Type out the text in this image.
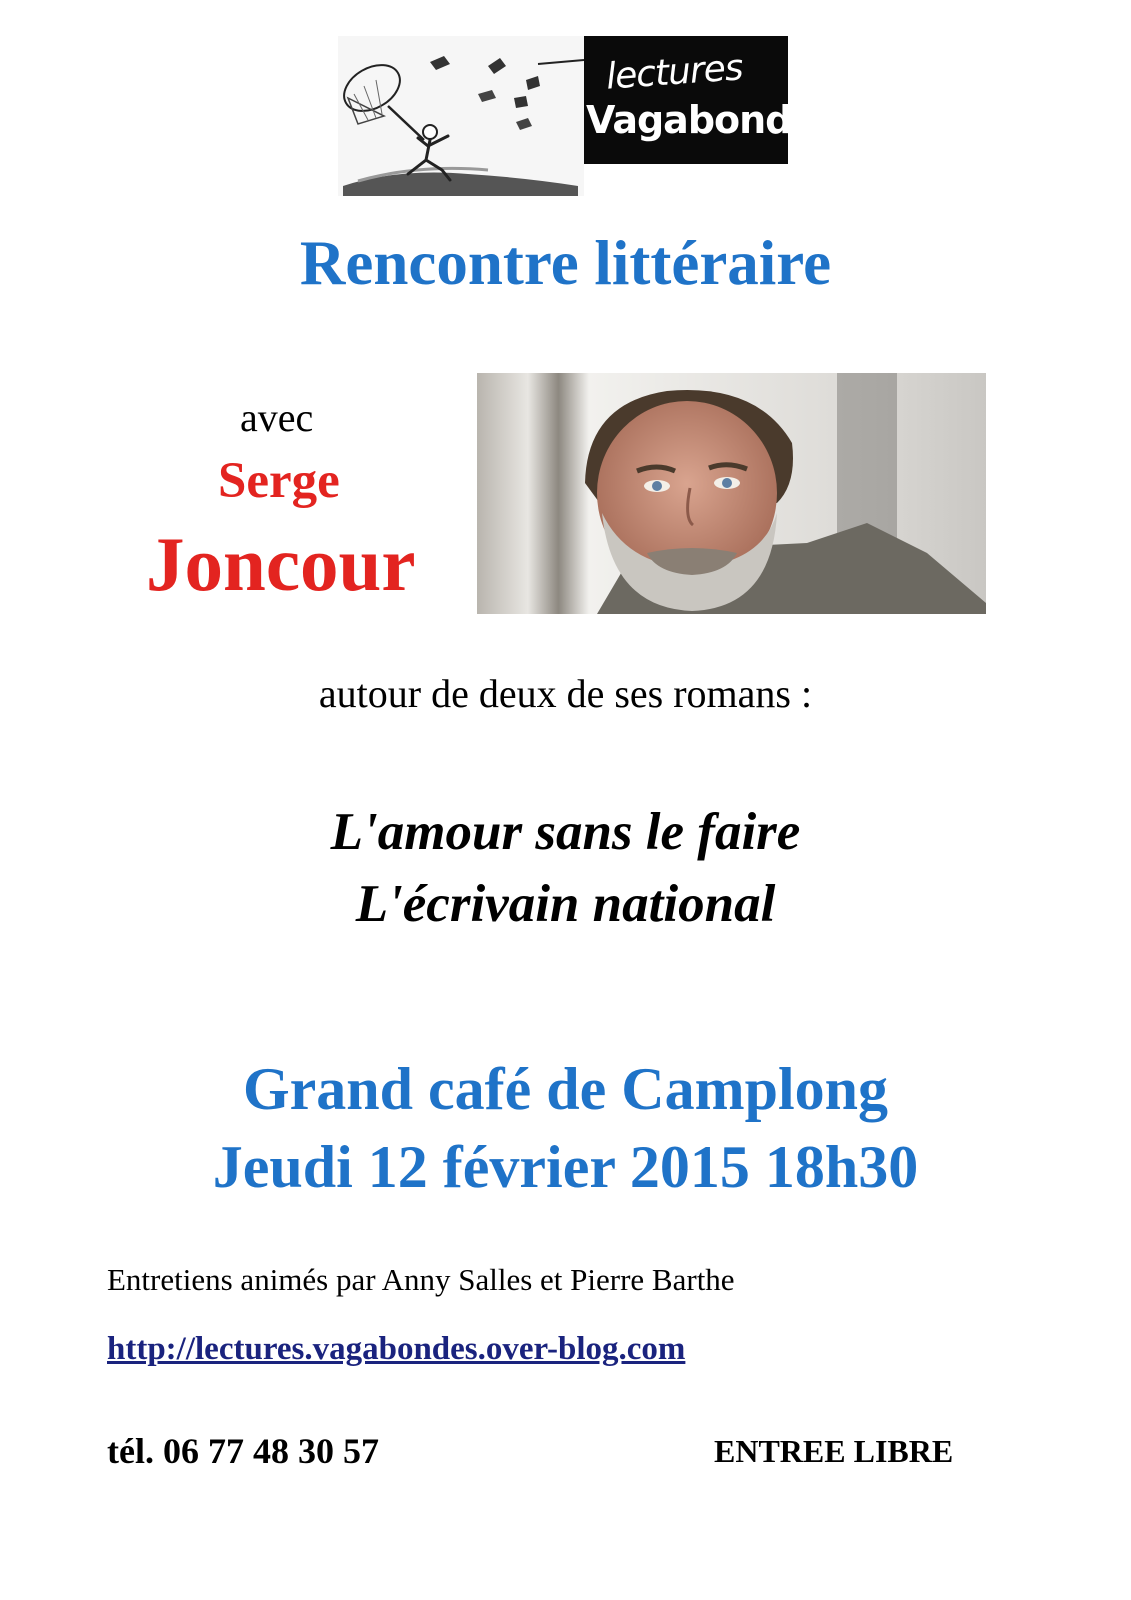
lectures
Vagabondes
Rencontre littéraire
avec
Serge
Joncour
autour de deux de ses romans :
L'amour sans le faire
L'écrivain national
Grand café de Camplong
Jeudi 12 février 2015 18h30
Entretiens animés par Anny Salles et Pierre Barthe
http://lectures.vagabondes.over-blog.com
tél. 06 77 48 30 57	ENTREE LIBRE
